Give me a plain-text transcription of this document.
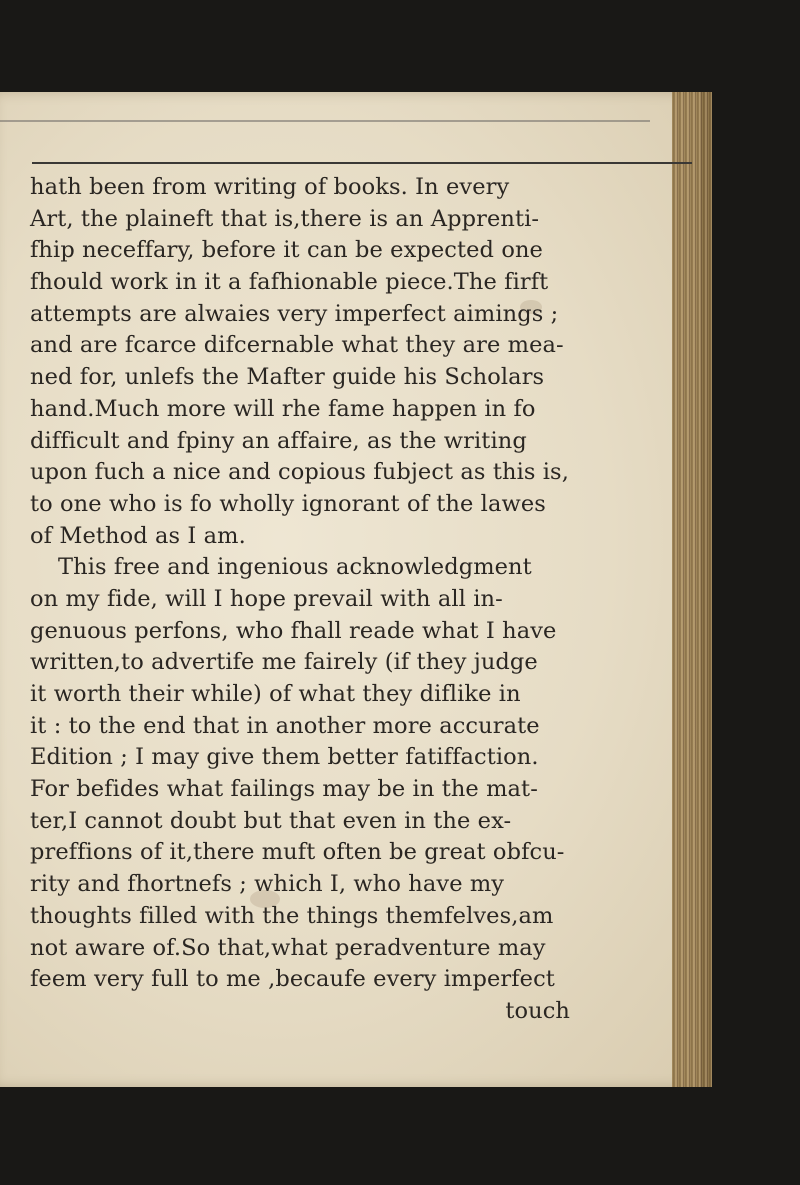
hath been from writing of books. In every
Art, the plaineft that is,there is an Apprenti-
fhip neceffary, before it can be expected one
fhould work in it a fafhionable piece.The firft
attempts are alwaies very imperfect aimings ;
and are fcarce difcernable what they are mea-
ned for, unlefs the Mafter guide his Scholars
hand.Much more will rhe fame happen in fo
difficult and fpiny an affaire, as the writing
upon fuch a nice and copious fubject as this is,
to one who is fo wholly ignorant of the lawes
of Method as I am.
This free and ingenious acknowledgment
on my fide, will I hope prevail with all in-
genuous perfons, who fhall reade what I have
written,to advertife me fairely (if they judge
it worth their while) of what they diflike in
it : to the end that in another more accurate
Edition ; I may give them better fatiffaction.
For befides what failings may be in the mat-
ter,I cannot doubt but that even in the ex-
preffions of it,there muft often be great obfcu-
rity and fhortnefs ; which I, who have my
thoughts filled with the things themfelves,am
not aware of.So that,what peradventure may
feem very full to me ,becaufe every imperfect
touch
